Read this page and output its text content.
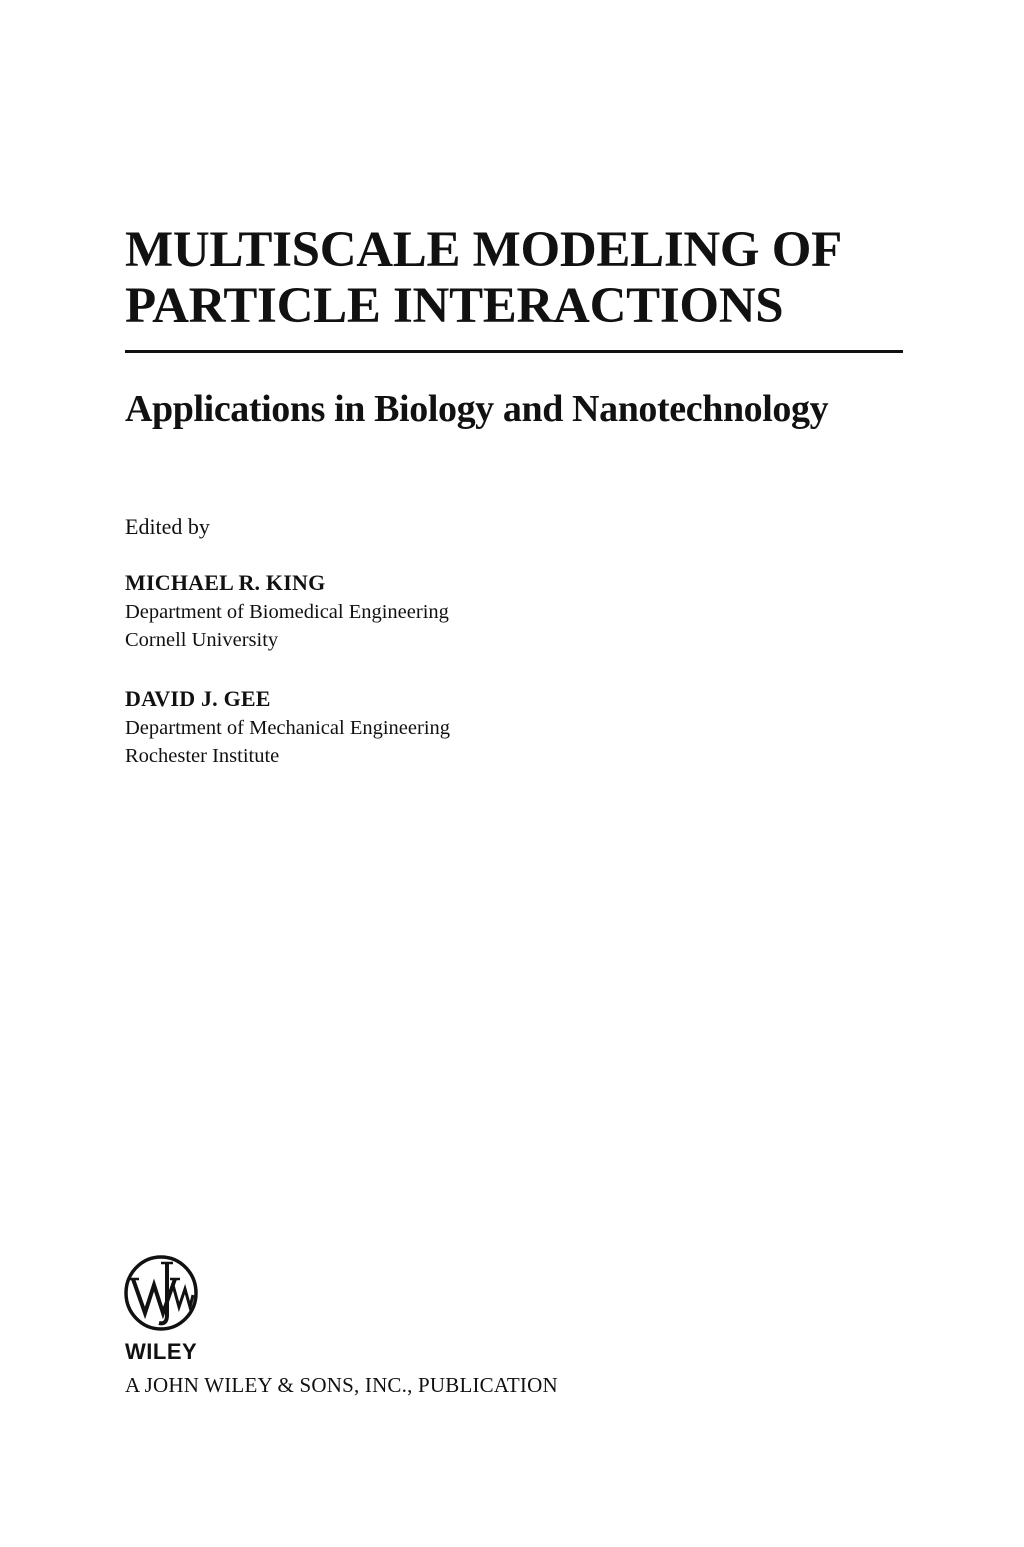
MULTISCALE MODELING OF
PARTICLE INTERACTIONS
Applications in Biology and Nanotechnology
Edited by
MICHAEL R. KING
Department of Biomedical Engineering
Cornell University
DAVID J. GEE
Department of Mechanical Engineering
Rochester Institute
WILEY
A JOHN WILEY & SONS, INC., PUBLICATION
